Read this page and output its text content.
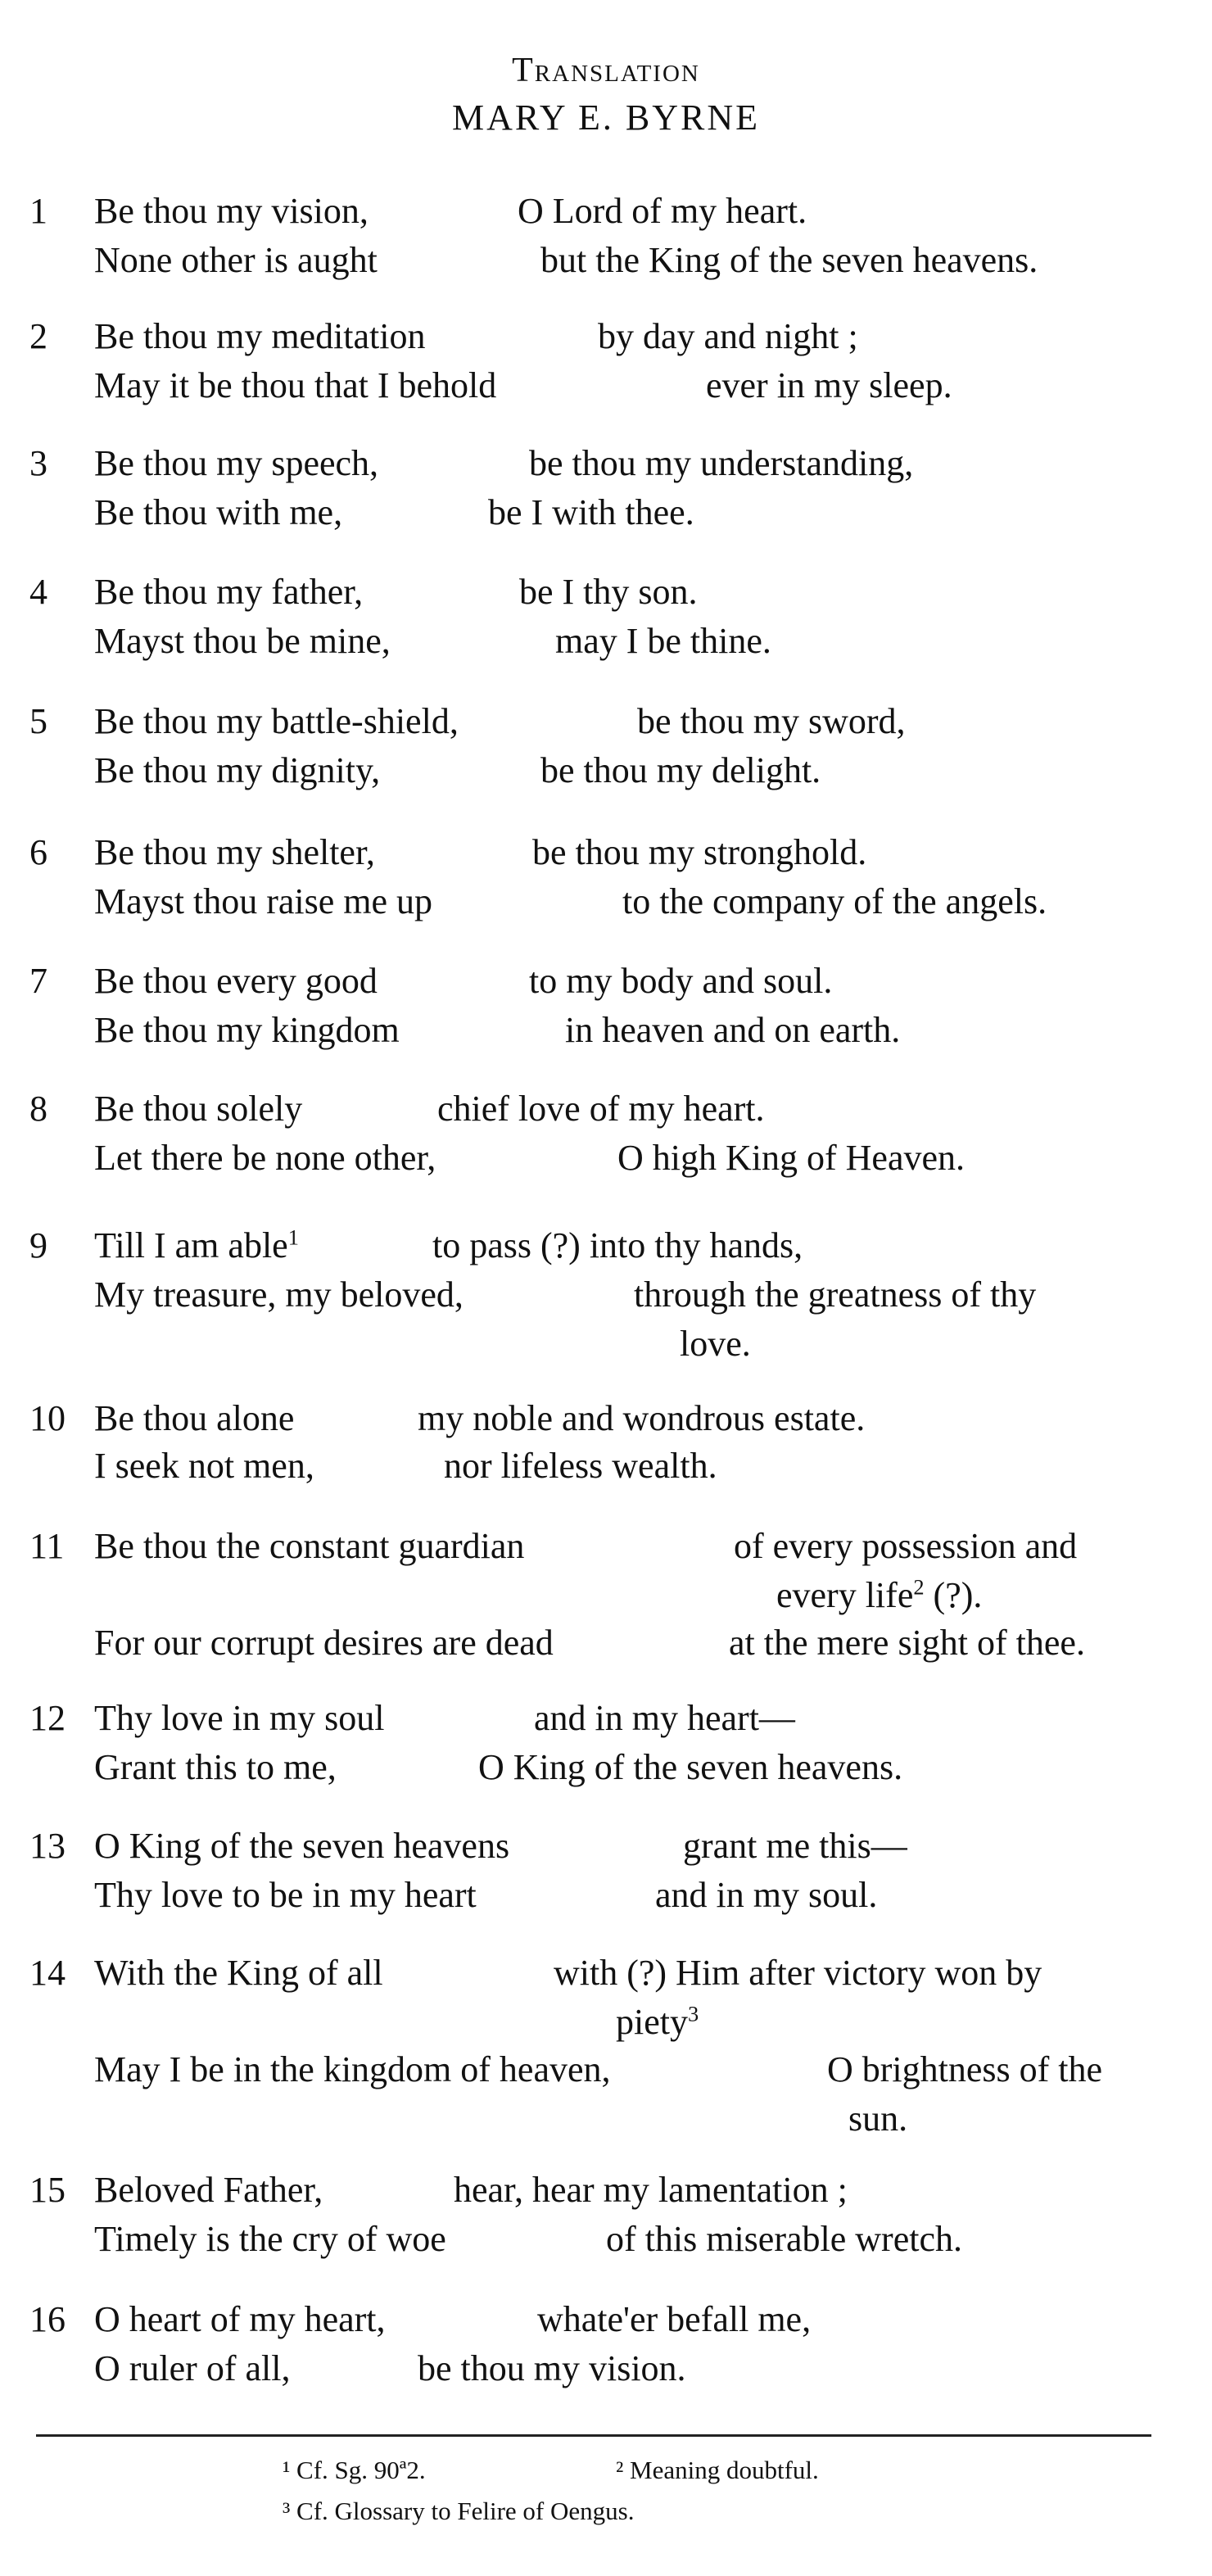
Translation
MARY E. BYRNE
1	Be thou my vision,	O Lord of my heart.
None other is aught	but the King of the seven heavens.
2	Be thou my meditation	by day and night ;
May it be thou that I behold	ever in my sleep.
3	Be thou my speech,	be thou my understanding,
Be thou with me,	be I with thee.
4	Be thou my father,	be I thy son.
Mayst thou be mine,	may I be thine.
5	Be thou my battle-shield,	be thou my sword,
Be thou my dignity,	be thou my delight.
6	Be thou my shelter,	be thou my stronghold.
Mayst thou raise me up	to the company of the angels.
7	Be thou every good	to my body and soul.
Be thou my kingdom	in heaven and on earth.
8	Be thou solely	chief love of my heart.
Let there be none other,	O high King of Heaven.
9	Till I am able$^1$	to pass (?) into thy hands,
My treasure, my beloved,	through the greatness of thy
love.
10 Be thou alone	my noble and wondrous estate.
I seek not men,	nor lifeless wealth.
11 Be thou the constant guardian	of every possession and
every life$^2$ (?).
For our corrupt desires are dead	at the mere sight of thee.
12 Thy love in my soul	and in my heart—
Grant this to me,	O King of the seven heavens.
13 O King of the seven heavens	grant me this—
Thy love to be in my heart	and in my soul.
14 With the King of all	with (?) Him after victory won by
piety$^3$
May I be in the kingdom of heaven,	O brightness of the
sun.
15 Beloved Father,	hear, hear my lamentation ;
Timely is the cry of woe	of this miserable wretch.
16 O heart of my heart,	whate'er befall me,
O ruler of all,	be thou my vision.
¹ Cf. Sg. 90ª2.	² Meaning doubtful.
³ Cf. Glossary to Felire of Oengus.
